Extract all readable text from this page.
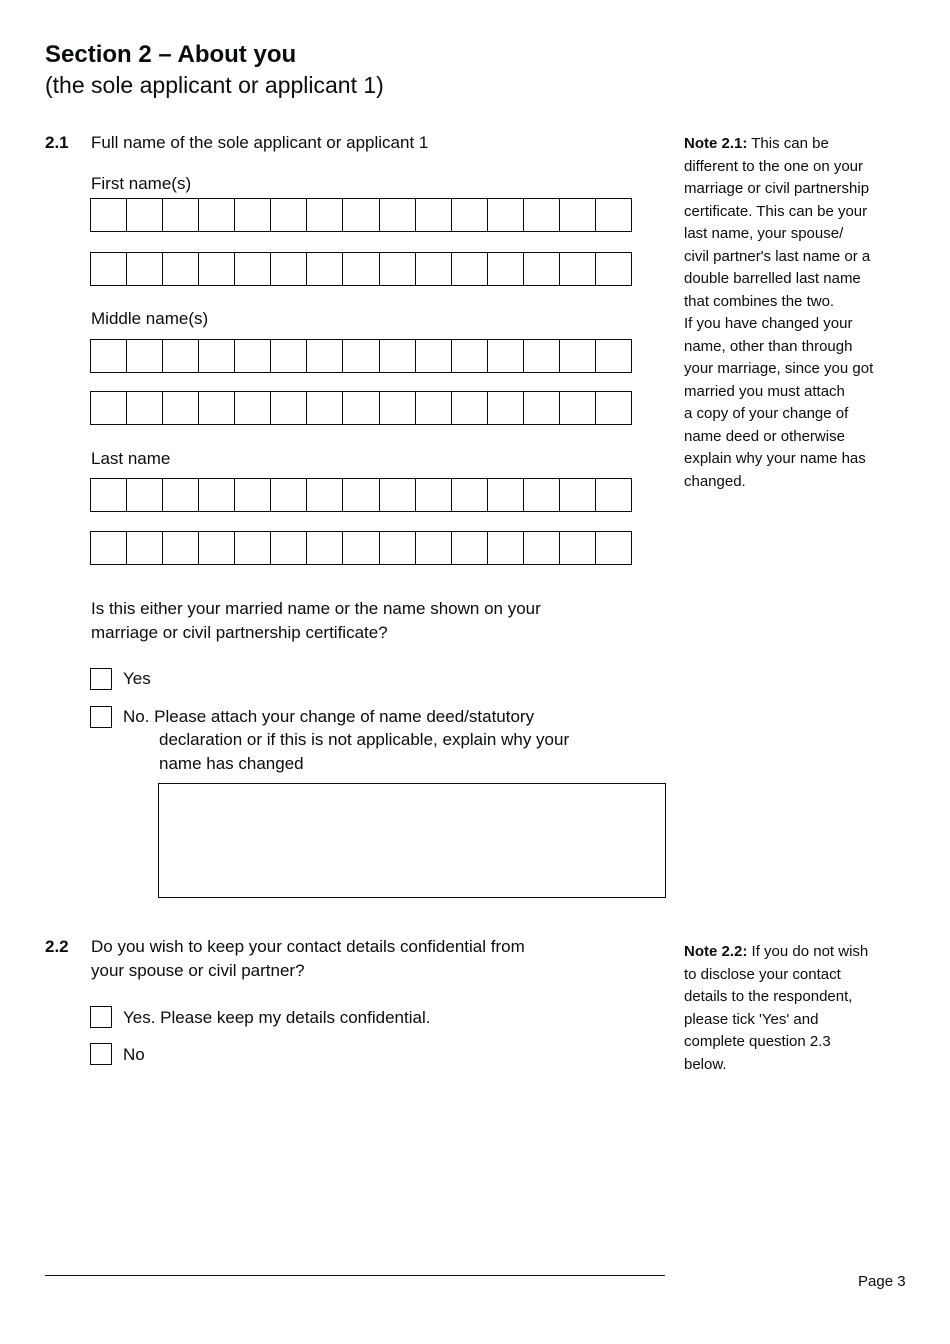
Section 2 – About you
(the sole applicant or applicant 1)
2.1 Full name of the sole applicant or applicant 1
First name(s)
Middle name(s)
Last name
Is this either your married name or the name shown on your
marriage or civil partnership certificate?
Yes
No. Please attach your change of name deed/statutory
declaration or if this is not applicable, explain why your
name has changed
Note 2.1: This can be
different to the one on your
marriage or civil partnership
certificate. This can be your
last name, your spouse/
civil partner's last name or a
double barrelled last name
that combines the two.
If you have changed your
name, other than through
your marriage, since you got
married you must attach
a copy of your change of
name deed or otherwise
explain why your name has
changed.
2.2 Do you wish to keep your contact details confidential from
your spouse or civil partner?
Yes. Please keep my details confidential.
No
Note 2.2: If you do not wish
to disclose your contact
details to the respondent,
please tick 'Yes' and
complete question 2.3
below.
Page 3
